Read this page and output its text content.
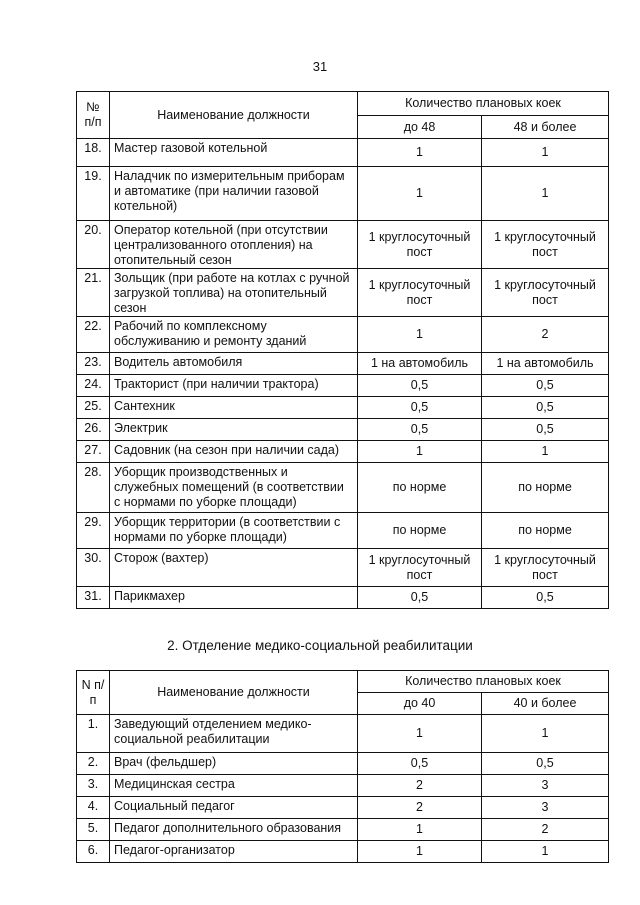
31
№ п/п	Наименование должности	Количество плановых коек	
		до 48	48 и более
18.	Мастер газовой котельной	1	1
19.	Наладчик по измерительным приборам и автоматике (при наличии газовой котельной)	1	1
20.	Оператор котельной (при отсутствии централизованного отопления) на отопительный сезон	1 круглосуточный пост	1 круглосуточный пост
21.	Зольщик (при работе на котлах с ручной загрузкой топлива) на отопительный сезон	1 круглосуточный пост	1 круглосуточный пост
22.	Рабочий по комплексному обслуживанию и ремонту зданий	1	2
23.	Водитель автомобиля	1 на автомобиль	1 на автомобиль
24.	Тракторист (при наличии трактора)	0,5	0,5
25.	Сантехник	0,5	0,5
26.	Электрик	0,5	0,5
27.	Садовник (на сезон при наличии сада)	1	1
28.	Уборщик производственных и служебных помещений (в соответствии с нормами по уборке площади)	по норме	по норме
29.	Уборщик территории (в соответствии с нормами по уборке площади)	по норме	по норме
30.	Сторож (вахтер)	1 круглосуточный пост	1 круглосуточный пост
31.	Парикмахер	0,5	0,5
2. Отделение медико-социальной реабилитации
N п/п	Наименование должности	Количество плановых коек	
		до 40	40 и более
1.	Заведующий отделением медико-социальной реабилитации	1	1
2.	Врач (фельдшер)	0,5	0,5
3.	Медицинская сестра	2	3
4.	Социальный педагог	2	3
5.	Педагог дополнительного образования	1	2
6.	Педагог-организатор	1	1
